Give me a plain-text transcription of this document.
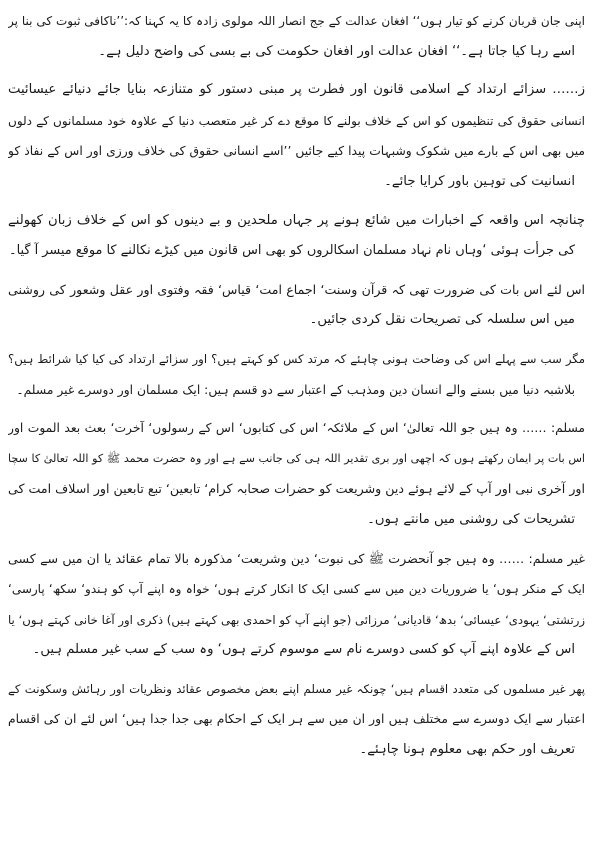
اپنی جان قربان کرنے کو تیار ہوں‘‘ افغان عدالت کے جج انصار اللہ مولوی زادہ کا یہ کہنا کہ:’’ناکافی ثبوت کی بنا پر
اسے رہا کیا جاتا ہے۔‘‘ افغان عدالت اور افغان حکومت کی بے بسی کی واضح دلیل ہے۔
ز…… سزائے ارتداد کے اسلامی قانون اور فطرت پر مبنی دستور کو متنازعہ بنایا جائے دنیائے عیسائیت
انسانی حقوق کی تنظیموں کو اس کے خلاف بولنے کا موقع دے کر غیر متعصب دنیا کے علاوہ خود مسلمانوں کے دلوں
میں بھی اس کے بارے میں شکوک وشبہات پیدا کیے جائیں ’’اسے انسانی حقوق کی خلاف ورزی اور اس کے نفاذ کو
انسانیت کی توہین باور کرایا جائے۔
چنانچہ اس واقعہ کے اخبارات میں شائع ہونے پر جہاں ملحدین و بے دینوں کو اس کے خلاف زبان کھولنے
کی جرأت ہوئی ‘وہاں نام نہاد مسلمان اسکالروں کو بھی اس قانون میں کیڑے نکالنے کا موقع میسر آ گیا۔
اس لئے اس بات کی ضرورت تھی کہ قرآن وسنت‘ اجماع امت‘ قیاس‘ فقہ وفتوی اور عقل وشعور کی روشنی
میں اس سلسلہ کی تصریحات نقل کردی جائیں۔
مگر سب سے پہلے اس کی وضاحت ہونی چاہئے کہ مرتد کس کو کہتے ہیں؟ اور سزائے ارتداد کی کیا کیا شرائط ہیں؟
بلاشبہ دنیا میں بسنے والے انسان دین ومذہب کے اعتبار سے دو قسم ہیں: ایک مسلمان اور دوسرے غیر مسلم۔
مسلم: …… وہ ہیں جو اللہ تعالیٰ‘ اس کے ملائکہ‘ اس کی کتابوں‘ اس کے رسولوں‘ آخرت‘ بعث بعد الموت اور
اس بات پر ایمان رکھتے ہوں کہ اچھی اور بری تقدیر اللہ ہی کی جانب سے ہے اور وہ حضرت محمد ﷺ کو اللہ تعالیٰ کا سچا
اور آخری نبی اور آپ کے لائے ہوئے دین وشریعت کو حضرات صحابہ کرام‘ تابعین‘ تبع تابعین اور اسلاف امت کی
تشریحات کی روشنی میں مانتے ہوں۔
غیر مسلم: …… وہ ہیں جو آنحضرت ﷺ کی نبوت‘ دین وشریعت‘ مذکورہ بالا تمام عقائد یا ان میں سے کسی
ایک کے منکر ہوں‘ یا ضروریات دین میں سے کسی ایک کا انکار کرتے ہوں‘ خواہ وہ اپنے آپ کو ہندو‘ سکھ‘ پارسی‘
زرتشتی‘ یہودی‘ عیسائی‘ بدھ‘ قادیانی‘ مرزائی (جو اپنے آپ کو احمدی بھی کہتے ہیں) ذکری اور آغا خانی کہتے ہوں‘ یا
اس کے علاوہ اپنے آپ کو کسی دوسرے نام سے موسوم کرتے ہوں‘ وہ سب کے سب غیر مسلم ہیں۔
پھر غیر مسلموں کی متعدد اقسام ہیں‘ چونکہ غیر مسلم اپنے بعض مخصوص عقائد ونظریات اور رہائش وسکونت کے
اعتبار سے ایک دوسرے سے مختلف ہیں اور ان میں سے ہر ایک کے احکام بھی جدا جدا ہیں‘ اس لئے ان کی اقسام
تعریف اور حکم بھی معلوم ہونا چاہئے۔
